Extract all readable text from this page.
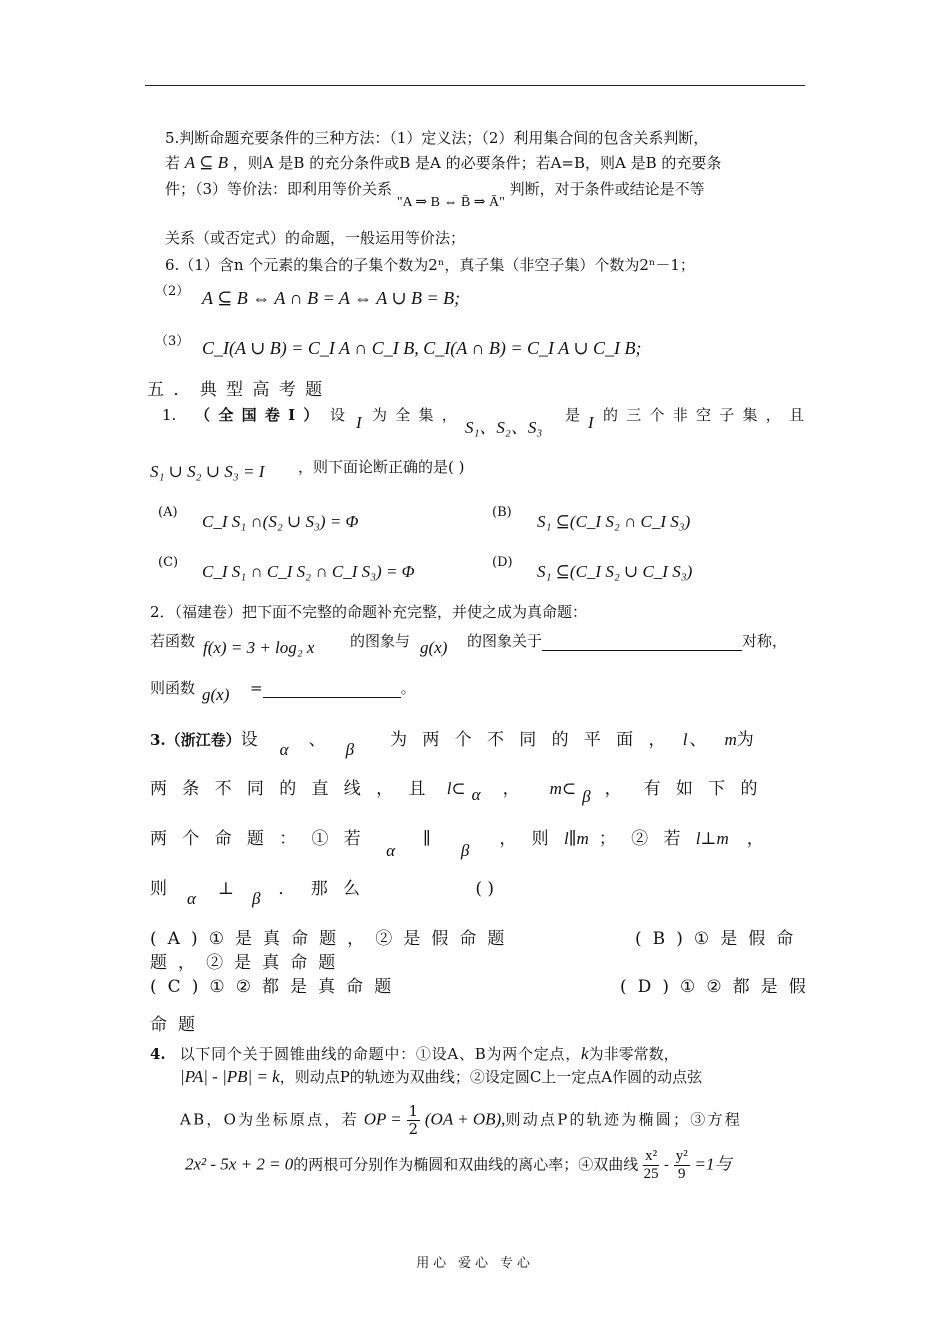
5.判断命题充要条件的三种方法：（1）定义法；（2）利用集合间的包含关系判断，
若 A ⊆ B ，则A 是B 的充分条件或B 是A 的必要条件；若A=B，则A 是B 的充要条
件；（3）等价法：即利用等价关系 "A ⇒ B ⇔ B̄ ⇒ Ā" 判断，对于条件或结论是不等
关系（或否定式）的命题，一般运用等价法；
6.（1）含n 个元素的集合的子集个数为2ⁿ，真子集（非空子集）个数为2ⁿ－1；
（2） A ⊆ B ⇔ A ∩ B = A ⇔ A ∪ B = B;
（3） C_I(A ∪ B) = C_I A ∩ C_I B, C_I(A ∩ B) = C_I A ∪ C_I B;
五．典型高考题
1. （全国卷Ⅰ） 设 I 为全集，
S₁、S₂、S₃
是 I 的三个非空子集，且
S₁ ∪ S₂ ∪ S₃ = I ，则下面论断正确的是( )
(A) C_I S₁ ∩(S₂ ∪ S₃) = Φ	(B) S₁ ⊆(C_I S₂ ∩ C_I S₃)
(C) C_I S₁ ∩ C_I S₂ ∩ C_I S₃) = Φ	(D) S₁ ⊆(C_I S₂ ∪ C_I S₃)
2．（福建卷）把下面不完整的命题补充完整，并使之成为真命题：
若函数 f(x) = 3 + log₂ x 的图象与 g(x) 的图象关于	对称，
则函数 g(x) =	。
3.（浙江卷）设 α 、 β 为两个不同的平面， l 、 m为
两条不同的直线，且 l⊂ α ， m⊂ β ， 有如下的
两个命题：①若α∥β，则l∥m ；②若l⊥m ，
则 α ⊥ β ．那么	( )
(A)①是真命题，②是假命题	(B)①是假命
题，②是真命题
(C)①②都是真命题	(D)①②都是假
命题
4. 以下同个关于圆锥曲线的命题中：①设A、B为两个定点，k为非零常数，
|PA| - |PB| = k，则动点P的轨迹为双曲线；②设定圆C上一定点A作圆的动点弦
AB，O为坐标原点，若 OP = $\frac{1}{2} (OA + OB)$,则动点P的轨迹为椭圆；③方程
2x² - 5x + 2 = 0的两根可分别作为椭圆和双曲线的离心率；④双曲线 $\frac{\text{x²}}{25} - \frac{\text{y²}}{9} =1$与
用心 爱心 专心
